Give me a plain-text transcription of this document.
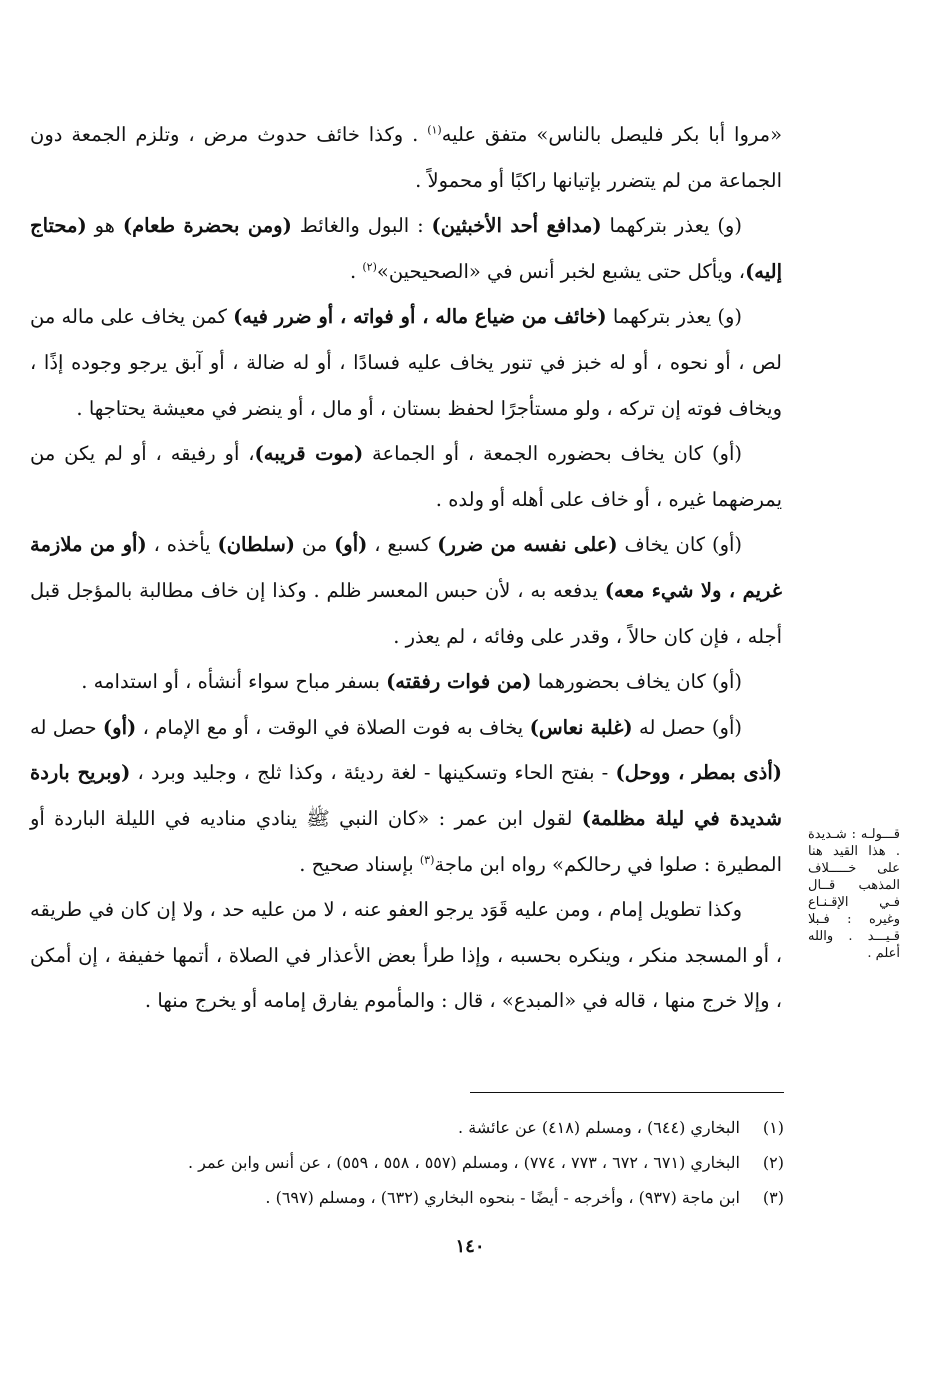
«مروا أبا بكر فليصل بالناس» متفق عليه$^{(١)}$ . وكذا خائف حدوث مرض ، وتلزم الجمعة دون الجماعة من لم يتضرر بإتيانها راكبًا أو محمولاً .

(و) يعذر بتركهما (مدافع أحد الأخبثين) : البول والغائط (ومن بحضرة طعام) هو (محتاج إليه)، ويأكل حتى يشبع لخبر أنس في «الصحيحين»$^{(٢)}$ .

(و) يعذر بتركهما (خائف من ضياع ماله ، أو فواته ، أو ضرر فيه) كمن يخاف على ماله من لص ، أو نحوه ، أو له خبز في تنور يخاف عليه فسادًا ، أو له ضالة ، أو آبق يرجو وجوده إذًا ، ويخاف فوته إن تركه ، ولو مستأجرًا لحفظ بستان ، أو مال ، أو ينضر في معيشة يحتاجها .

(أو) كان يخاف بحضوره الجمعة ، أو الجماعة (موت قريبه)، أو رفيقه ، أو لم يكن من يمرضهما غيره ، أو خاف على أهله أو ولده .

(أو) كان يخاف (على نفسه من ضرر) كسبع ، (أو) من (سلطان) يأخذه ، (أو من ملازمة غريم ، ولا شيء معه) يدفعه به ، لأن حبس المعسر ظلم . وكذا إن خاف مطالبة بالمؤجل قبل أجله ، فإن كان حالاً ، وقدر على وفائه ، لم يعذر .

(أو) كان يخاف بحضورهما (من فوات رفقته) بسفر مباح سواء أنشأه ، أو استدامه .

(أو) حصل له (غلبة نعاس) يخاف به فوت الصلاة في الوقت ، أو مع الإمام ، (أو) حصل له (أذى بمطر ، ووحل) - بفتح الحاء وتسكينها - لغة رديئة ، وكذا ثلج ، وجليد وبرد ، (وبريح باردة شديدة في ليلة مظلمة) لقول ابن عمر : «كان النبي ﷺ ينادي مناديه في الليلة الباردة أو المطيرة : صلوا في رحالكم» رواه ابن ماجة$^{(٣)}$ بإسناد صحيح .

وكذا تطويل إمام ، ومن عليه قَوَد يرجو العفو عنه ، لا من عليه حد ، ولا إن كان في طريقه ، أو المسجد منكر ، وينكره بحسبه ، وإذا طرأ بعض الأعذار في الصلاة ، أتمها خفيفة ، إن أمكن ، وإلا خرج منها ، قاله في «المبدع» ، قال : والمأموم يفارق إمامه أو يخرج منها .

قـــولـه : شـديدة . هذا القيد هنا على خـــــلاف المذهب قــال فـي الإقـنـاع وغيره : فـبلا قـيـــد . والله أعلم .
(١)
البخاري (٦٤٤) ، ومسلم (٤١٨) عن عائشة .
(٢)
البخاري (٦٧١ ، ٦٧٢ ، ٧٧٣ ، ٧٧٤) ، ومسلم (٥٥٧ ، ٥٥٨ ، ٥٥٩) ، عن أنس وابن عمر .
(٣)
ابن ماجة (٩٣٧) ، وأخرجه - أيضًا - بنحوه البخاري (٦٣٢) ، ومسلم (٦٩٧) .
١٤٠
